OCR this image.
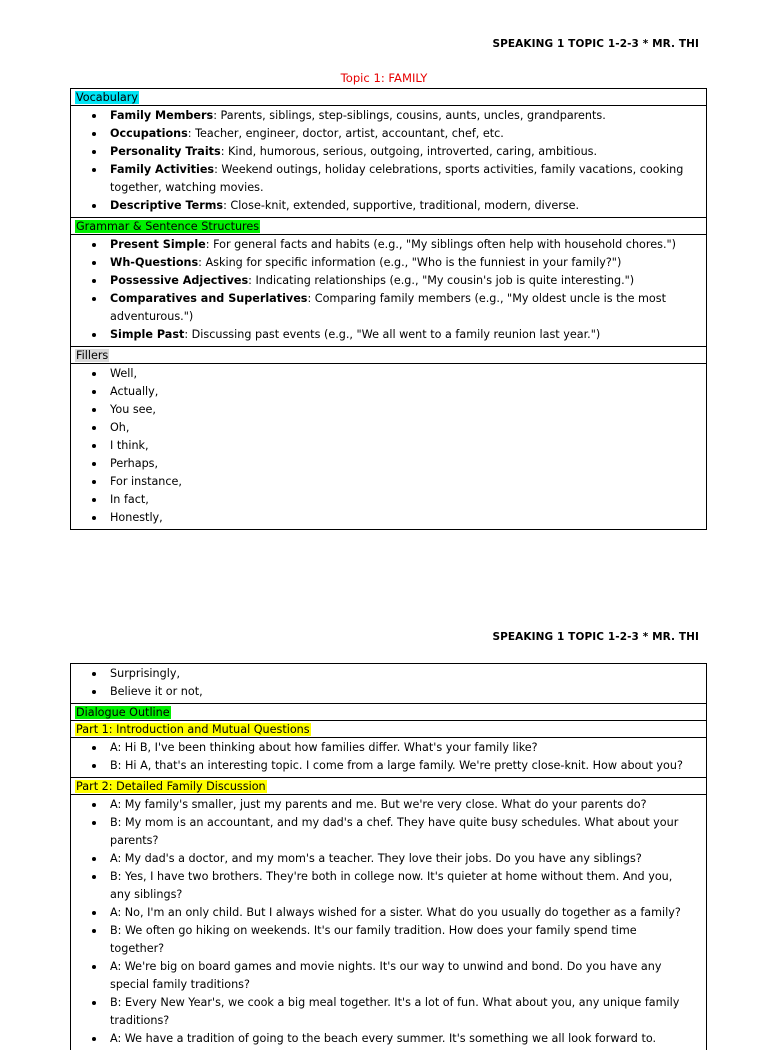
SPEAKING 1 TOPIC 1-2-3 * MR. THI
Topic 1: FAMILY
Vocabulary
Family Members: Parents, siblings, step-siblings, cousins, aunts, uncles, grandparents.
Occupations: Teacher, engineer, doctor, artist, accountant, chef, etc.
Personality Traits: Kind, humorous, serious, outgoing, introverted, caring, ambitious.
Family Activities: Weekend outings, holiday celebrations, sports activities, family vacations, cooking together, watching movies.
Descriptive Terms: Close-knit, extended, supportive, traditional, modern, diverse.
Grammar & Sentence Structures
Present Simple: For general facts and habits (e.g., "My siblings often help with household chores.")
Wh-Questions: Asking for specific information (e.g., "Who is the funniest in your family?")
Possessive Adjectives: Indicating relationships (e.g., "My cousin's job is quite interesting.")
Comparatives and Superlatives: Comparing family members (e.g., "My oldest uncle is the most adventurous.")
Simple Past: Discussing past events (e.g., "We all went to a family reunion last year.")
Fillers
Well,
Actually,
You see,
Oh,
I think,
Perhaps,
For instance,
In fact,
Honestly,
SPEAKING 1 TOPIC 1-2-3 * MR. THI
Surprisingly,
Believe it or not,
Dialogue Outline
Part 1: Introduction and Mutual Questions
A: Hi B, I've been thinking about how families differ. What's your family like?
B: Hi A, that's an interesting topic. I come from a large family. We're pretty close-knit. How about you?
Part 2: Detailed Family Discussion
A: My family's smaller, just my parents and me. But we're very close. What do your parents do?
B: My mom is an accountant, and my dad's a chef. They have quite busy schedules. What about your parents?
A: My dad's a doctor, and my mom's a teacher. They love their jobs. Do you have any siblings?
B: Yes, I have two brothers. They're both in college now. It's quieter at home without them. And you, any siblings?
A: No, I'm an only child. But I always wished for a sister. What do you usually do together as a family?
B: We often go hiking on weekends. It's our family tradition. How does your family spend time together?
A: We're big on board games and movie nights. It's our way to unwind and bond. Do you have any special family traditions?
B: Every New Year's, we cook a big meal together. It's a lot of fun. What about you, any unique family traditions?
A: We have a tradition of going to the beach every summer. It's something we all look forward to.
